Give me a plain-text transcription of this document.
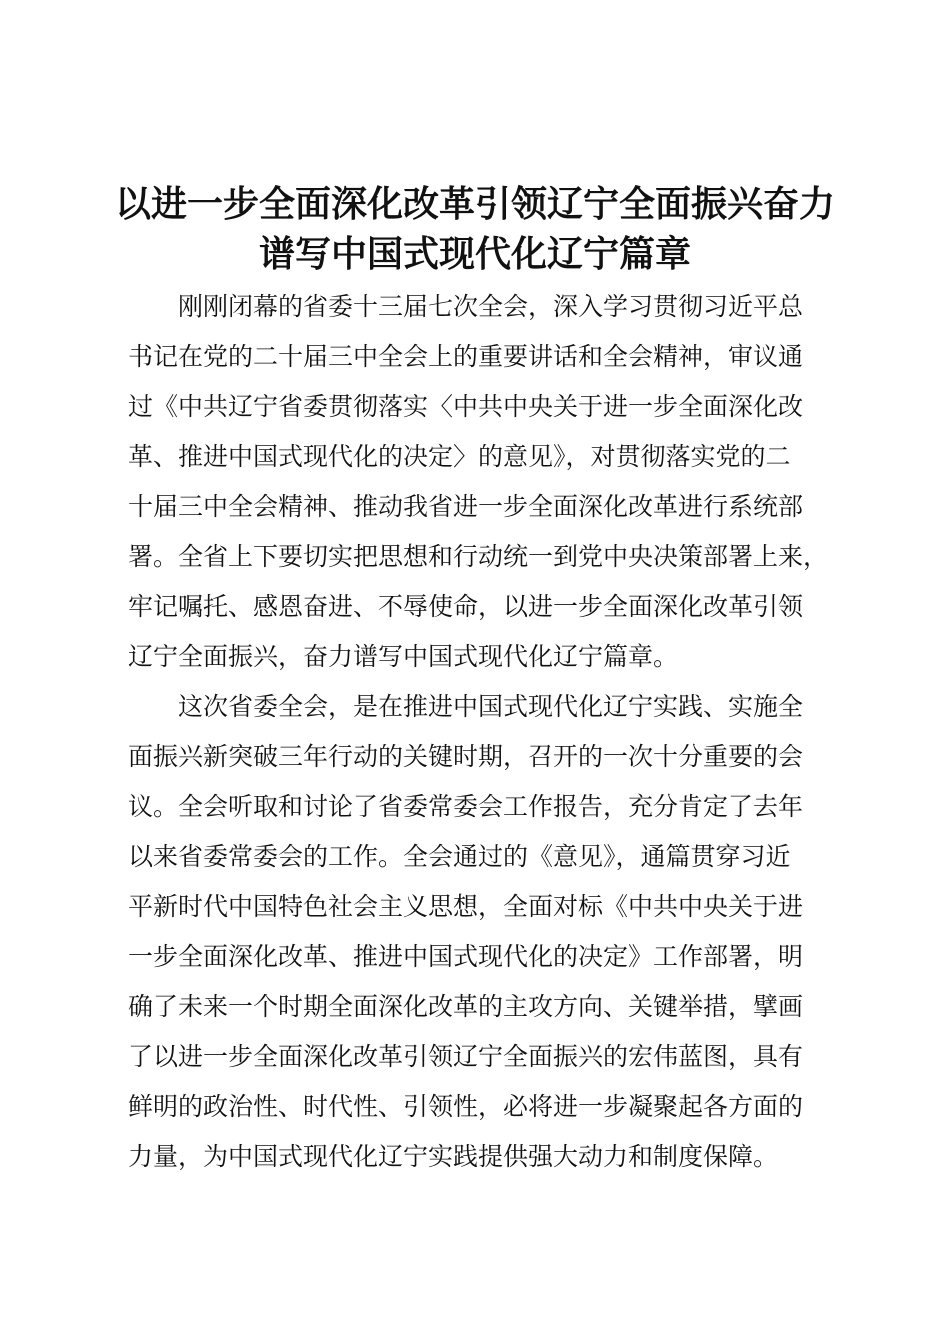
以进一步全面深化改革引领辽宁全面振兴奋力
谱写中国式现代化辽宁篇章

刚刚闭幕的省委十三届七次全会，深入学习贯彻习近平总
书记在党的二十届三中全会上的重要讲话和全会精神，审议通
过《中共辽宁省委贯彻落实〈中共中央关于进一步全面深化改
革、推进中国式现代化的决定〉的意见》，对贯彻落实党的二
十届三中全会精神、推动我省进一步全面深化改革进行系统部
署。全省上下要切实把思想和行动统一到党中央决策部署上来，
牢记嘱托、感恩奋进、不辱使命，以进一步全面深化改革引领
辽宁全面振兴，奋力谱写中国式现代化辽宁篇章。

这次省委全会，是在推进中国式现代化辽宁实践、实施全
面振兴新突破三年行动的关键时期，召开的一次十分重要的会
议。全会听取和讨论了省委常委会工作报告，充分肯定了去年
以来省委常委会的工作。全会通过的《意见》，通篇贯穿习近
平新时代中国特色社会主义思想，全面对标《中共中央关于进
一步全面深化改革、推进中国式现代化的决定》工作部署，明
确了未来一个时期全面深化改革的主攻方向、关键举措，擘画
了以进一步全面深化改革引领辽宁全面振兴的宏伟蓝图，具有
鲜明的政治性、时代性、引领性，必将进一步凝聚起各方面的
力量，为中国式现代化辽宁实践提供强大动力和制度保障。
